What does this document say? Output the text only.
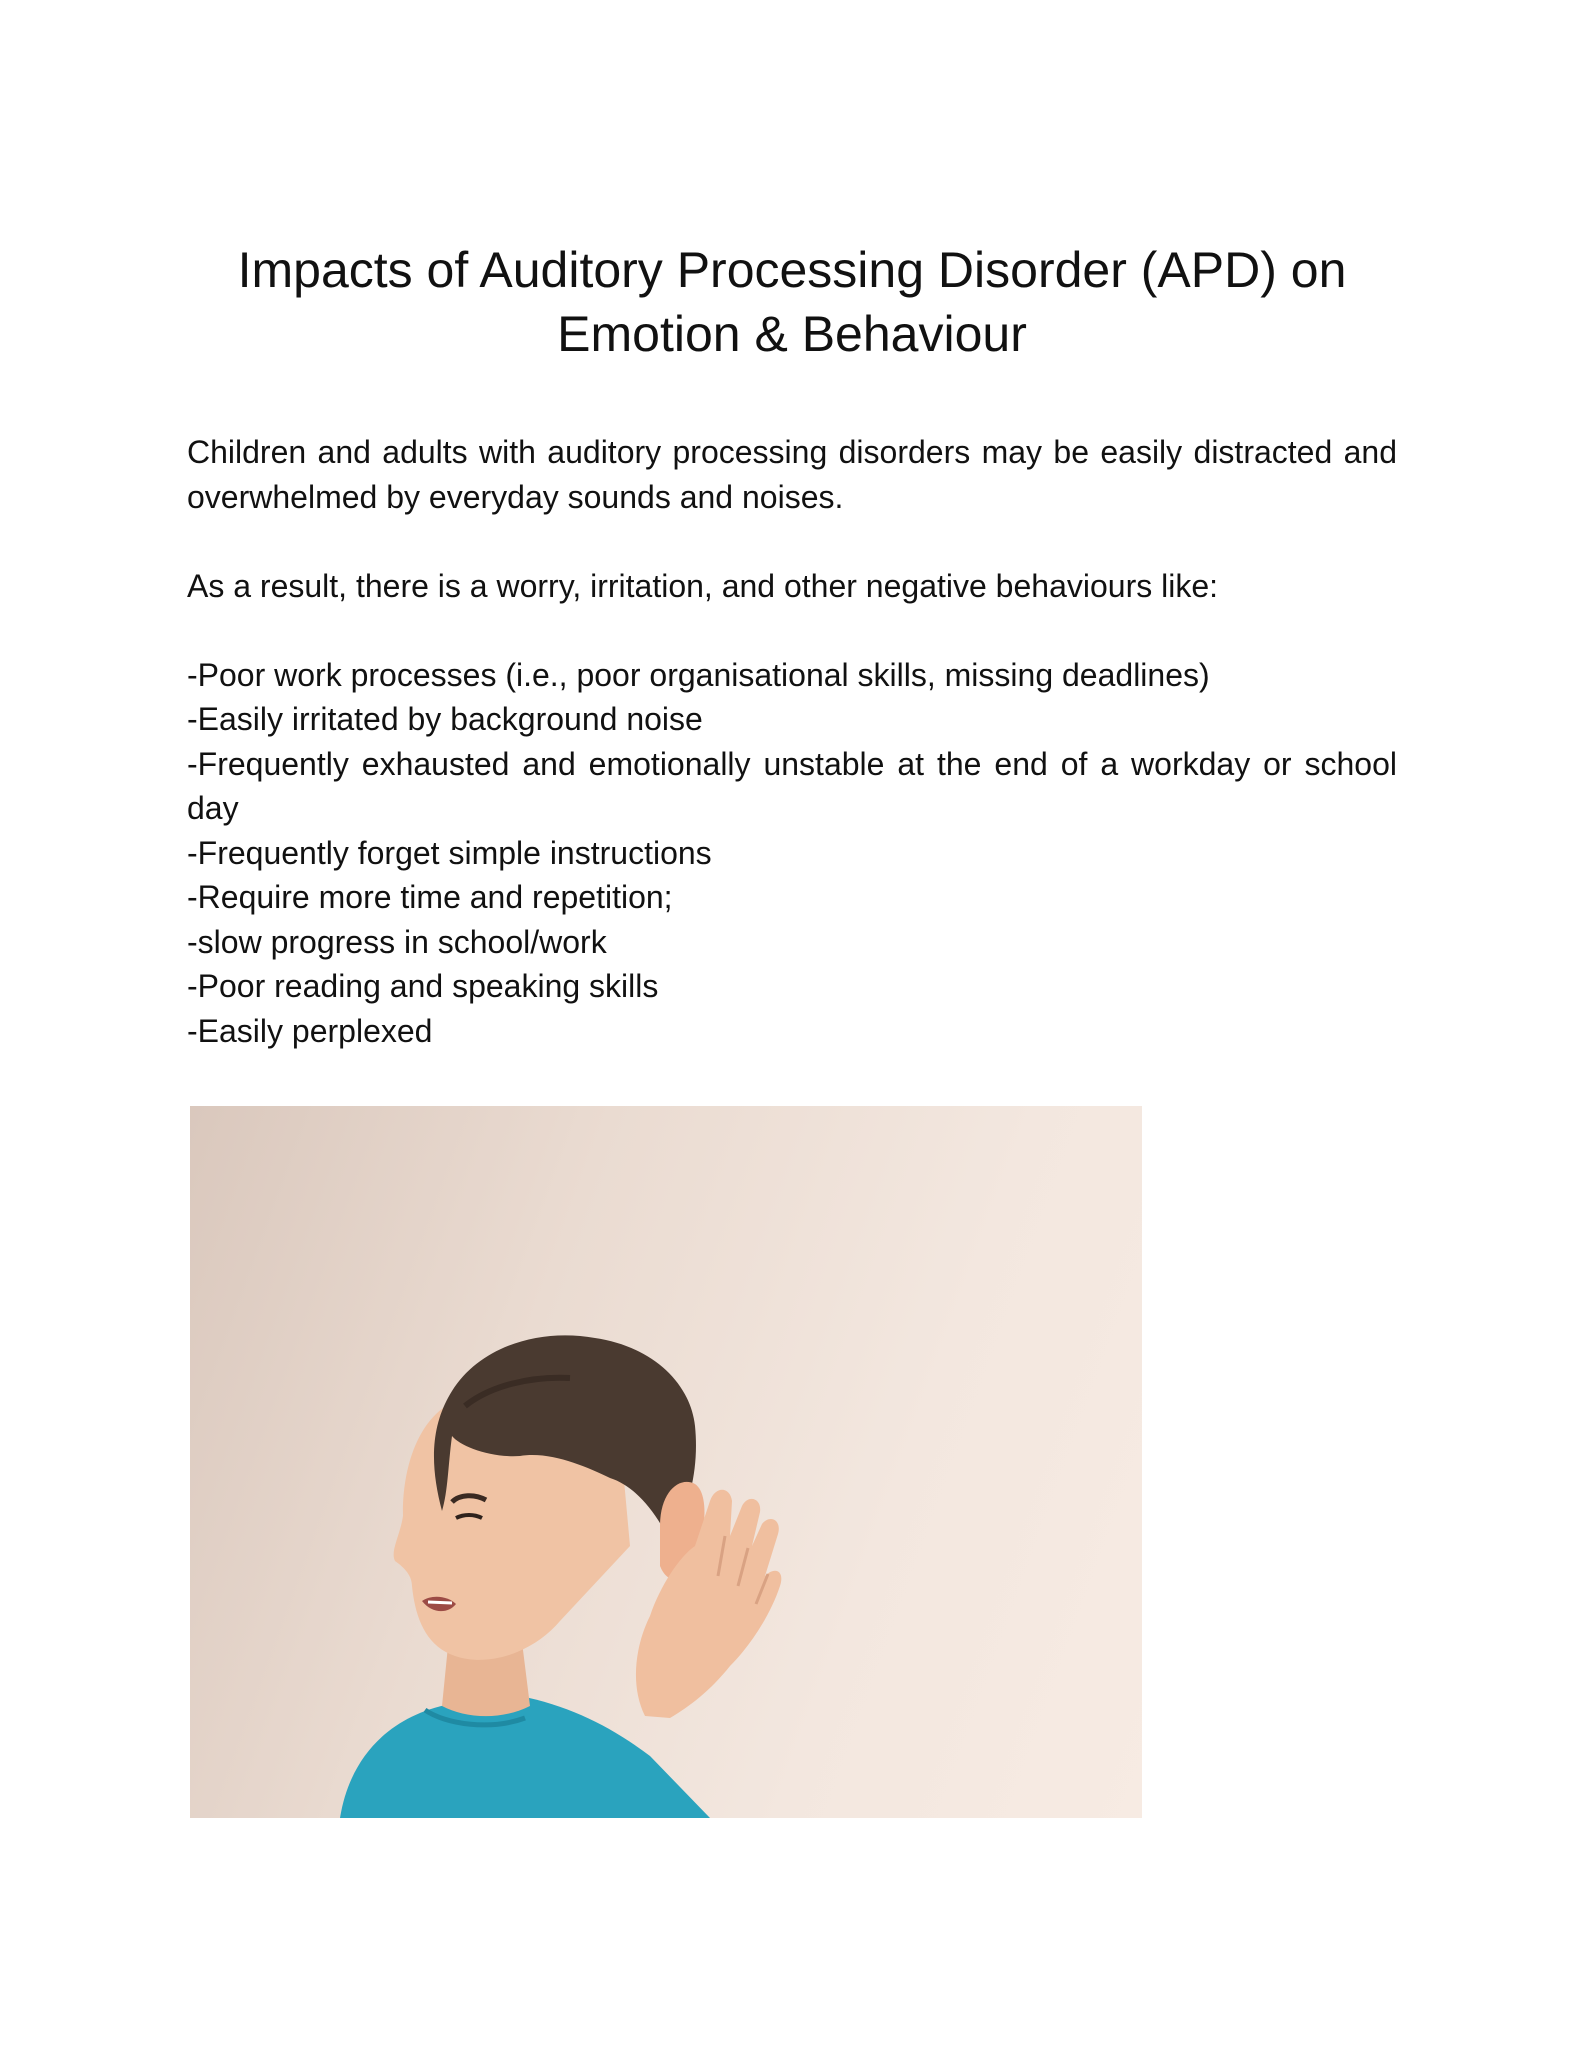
Impacts of Auditory Processing Disorder (APD) on
Emotion & Behaviour

Children and adults with auditory processing disorders may be easily distracted and overwhelmed by everyday sounds and noises.

As a result, there is a worry, irritation, and other negative behaviours like:

-Poor work processes (i.e., poor organisational skills, missing deadlines)
-Easily irritated by background noise
-Frequently exhausted and emotionally unstable at the end of a workday or school day
-Frequently forget simple instructions
-Require more time and repetition;
-slow progress in school/work
-Poor reading and speaking skills
-Easily perplexed
